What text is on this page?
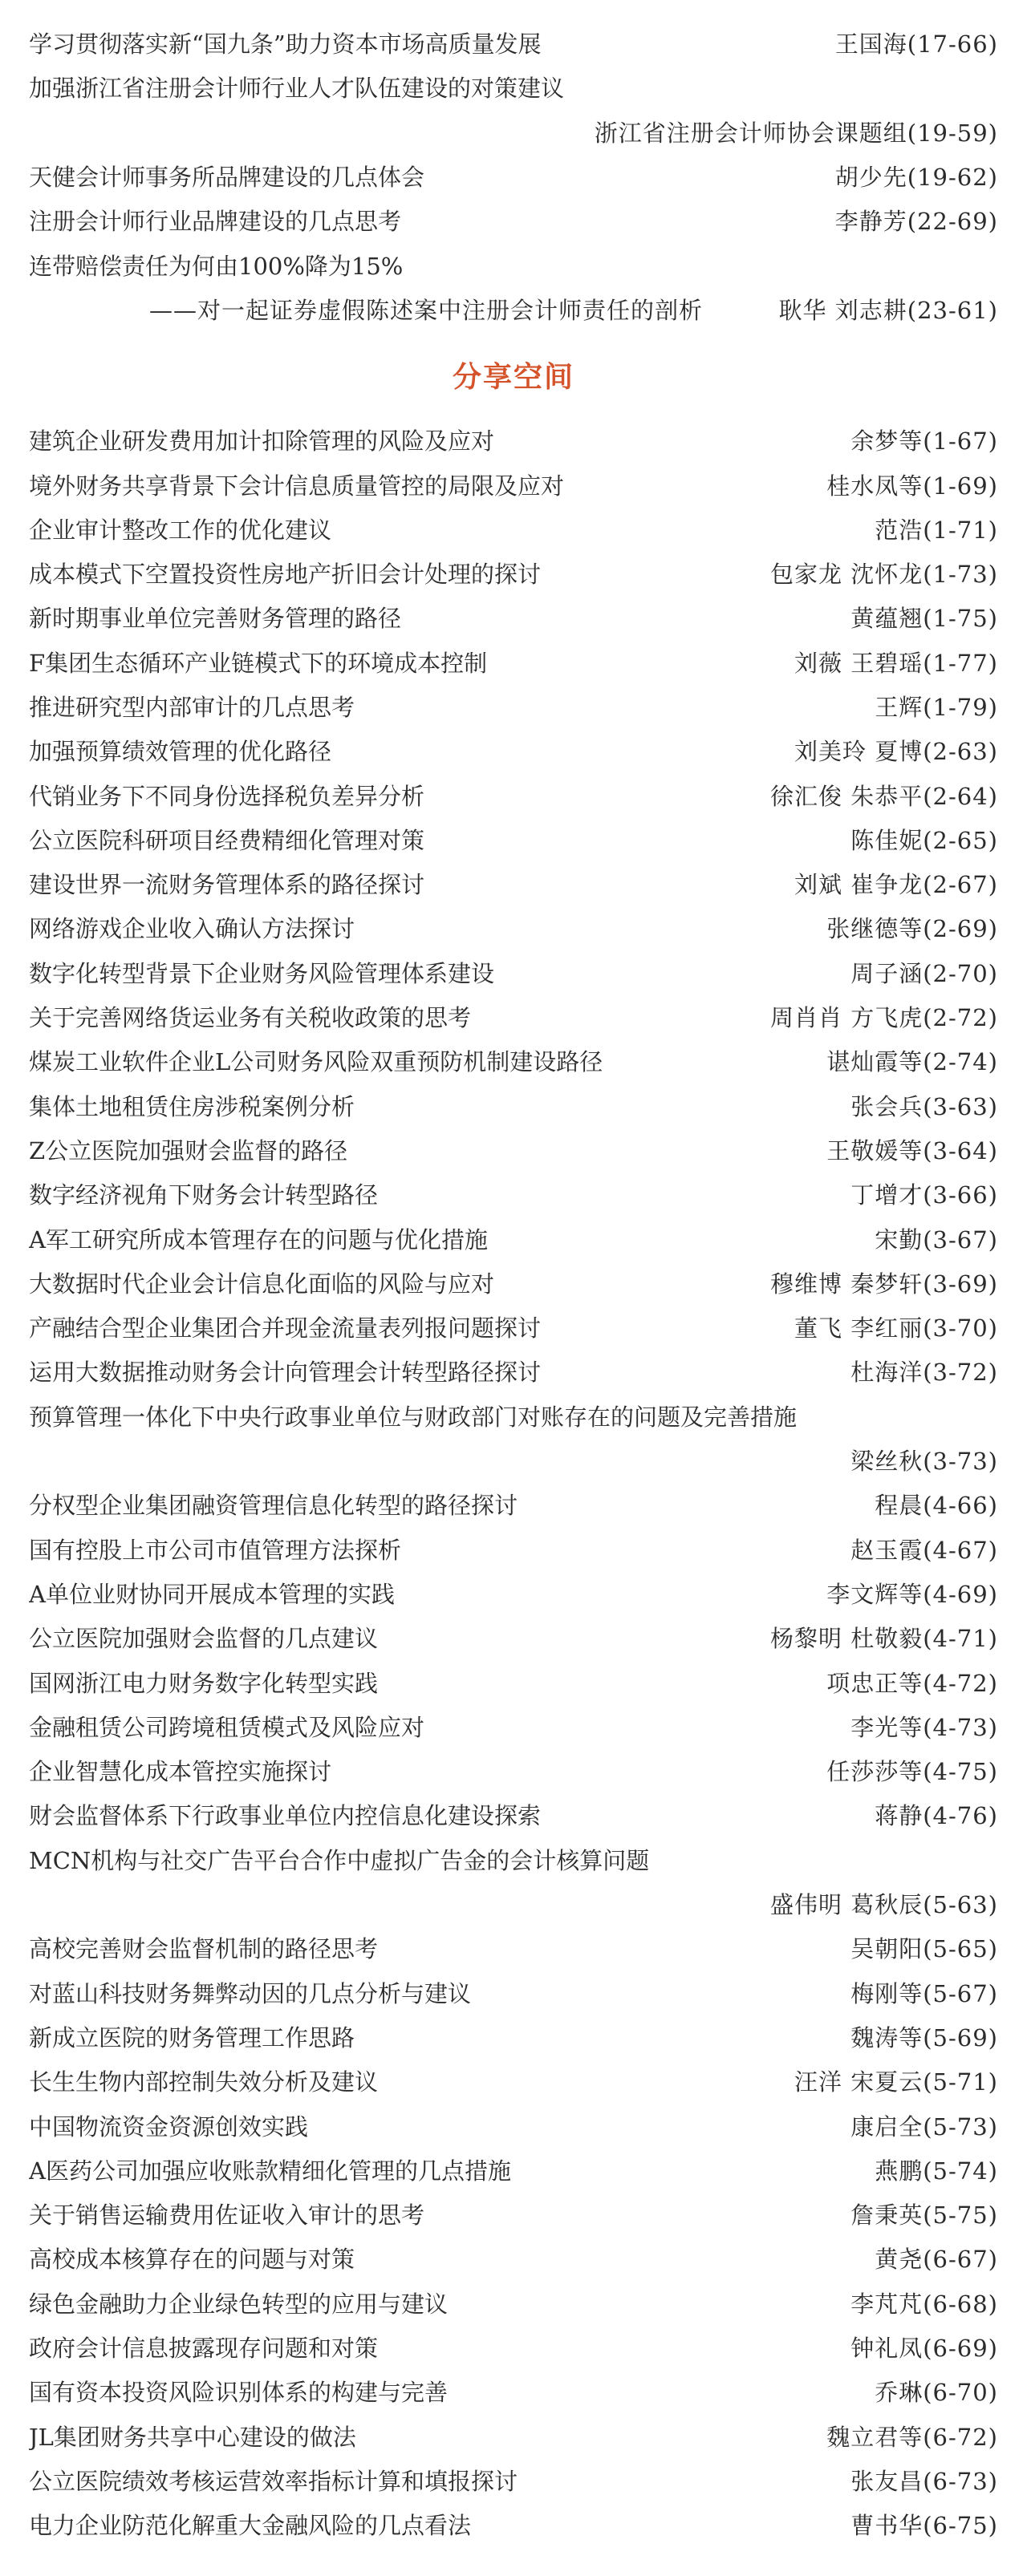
学习贯彻落实新“国九条”助力资本市场高质量发展	王国海(17-66)
加强浙江省注册会计师行业人才队伍建设的对策建议
浙江省注册会计师协会课题组(19-59)
天健会计师事务所品牌建设的几点体会	胡少先(19-62)
注册会计师行业品牌建设的几点思考	李静芳(22-69)
连带赔偿责任为何由100%降为15%
——对一起证券虚假陈述案中注册会计师责任的剖析	耿华 刘志耕(23-61)
分享空间
建筑企业研发费用加计扣除管理的风险及应对	余梦等(1-67)
境外财务共享背景下会计信息质量管控的局限及应对	桂水凤等(1-69)
企业审计整改工作的优化建议	范浩(1-71)
成本模式下空置投资性房地产折旧会计处理的探讨	包家龙 沈怀龙(1-73)
新时期事业单位完善财务管理的路径	黄蕴翘(1-75)
F集团生态循环产业链模式下的环境成本控制	刘薇 王碧瑶(1-77)
推进研究型内部审计的几点思考	王辉(1-79)
加强预算绩效管理的优化路径	刘美玲 夏博(2-63)
代销业务下不同身份选择税负差异分析	徐汇俊 朱恭平(2-64)
公立医院科研项目经费精细化管理对策	陈佳妮(2-65)
建设世界一流财务管理体系的路径探讨	刘斌 崔争龙(2-67)
网络游戏企业收入确认方法探讨	张继德等(2-69)
数字化转型背景下企业财务风险管理体系建设	周子涵(2-70)
关于完善网络货运业务有关税收政策的思考	周肖肖 方飞虎(2-72)
煤炭工业软件企业L公司财务风险双重预防机制建设路径	谌灿霞等(2-74)
集体土地租赁住房涉税案例分析	张会兵(3-63)
Z公立医院加强财会监督的路径	王敬媛等(3-64)
数字经济视角下财务会计转型路径	丁增才(3-66)
A军工研究所成本管理存在的问题与优化措施	宋勤(3-67)
大数据时代企业会计信息化面临的风险与应对	穆维博 秦梦轩(3-69)
产融结合型企业集团合并现金流量表列报问题探讨	董飞 李红丽(3-70)
运用大数据推动财务会计向管理会计转型路径探讨	杜海洋(3-72)
预算管理一体化下中央行政事业单位与财政部门对账存在的问题及完善措施
梁丝秋(3-73)
分权型企业集团融资管理信息化转型的路径探讨	程晨(4-66)
国有控股上市公司市值管理方法探析	赵玉霞(4-67)
A单位业财协同开展成本管理的实践	李文辉等(4-69)
公立医院加强财会监督的几点建议	杨黎明 杜敬毅(4-71)
国网浙江电力财务数字化转型实践	项忠正等(4-72)
金融租赁公司跨境租赁模式及风险应对	李光等(4-73)
企业智慧化成本管控实施探讨	任莎莎等(4-75)
财会监督体系下行政事业单位内控信息化建设探索	蒋静(4-76)
MCN机构与社交广告平台合作中虚拟广告金的会计核算问题
盛伟明 葛秋辰(5-63)
高校完善财会监督机制的路径思考	吴朝阳(5-65)
对蓝山科技财务舞弊动因的几点分析与建议	梅刚等(5-67)
新成立医院的财务管理工作思路	魏涛等(5-69)
长生生物内部控制失效分析及建议	汪洋 宋夏云(5-71)
中国物流资金资源创效实践	康启全(5-73)
A医药公司加强应收账款精细化管理的几点措施	燕鹏(5-74)
关于销售运输费用佐证收入审计的思考	詹秉英(5-75)
高校成本核算存在的问题与对策	黄尧(6-67)
绿色金融助力企业绿色转型的应用与建议	李芃芃(6-68)
政府会计信息披露现存问题和对策	钟礼凤(6-69)
国有资本投资风险识别体系的构建与完善	乔琳(6-70)
JL集团财务共享中心建设的做法	魏立君等(6-72)
公立医院绩效考核运营效率指标计算和填报探讨	张友昌(6-73)
电力企业防范化解重大金融风险的几点看法	曹书华(6-75)
